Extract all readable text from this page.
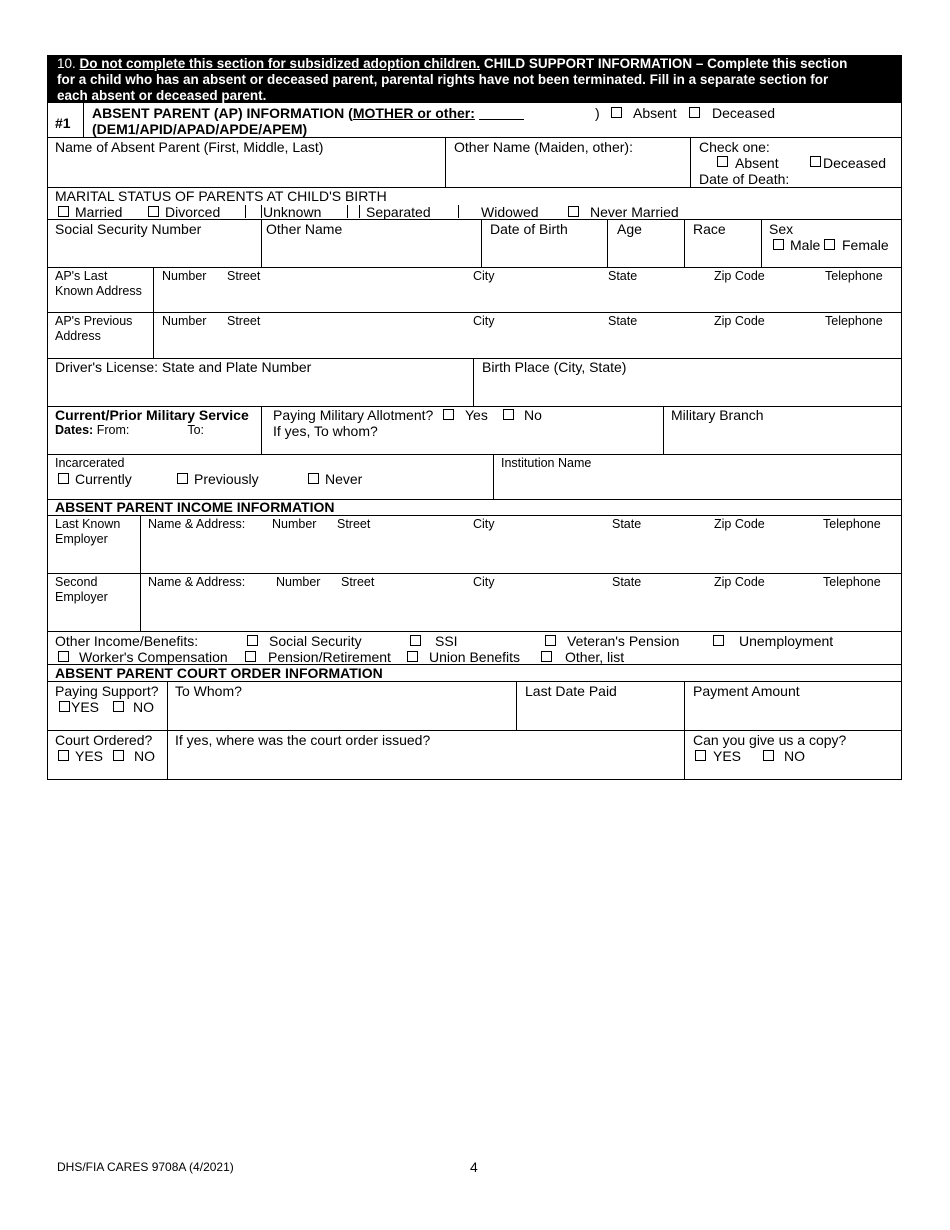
10. Do not complete this section for subsidized adoption children. CHILD SUPPORT INFORMATION – Complete this section
for a child who has an absent or deceased parent, parental rights have not been terminated. Fill in a separate section for
each absent or deceased parent.
#1
ABSENT PARENT (AP) INFORMATION (MOTHER or other:	) Absent	Deceased
(DEM1/APID/APAD/APDE/APEM)
Name of Absent Parent (First, Middle, Last)	Other Name (Maiden, other):	Check one:
Absent	Deceased
Date of Death:
MARITAL STATUS OF PARENTS AT CHILD'S BIRTH
Married	Divorced	Unknown	Separated	Widowed	Never Married
Social Security Number	Other Name	Date of Birth	Age	Race	Sex
Male Female
AP's Last
Known Address
Number Street	City	State	Zip Code	Telephone
AP's Previous
Address
Number Street	City	State	Zip Code	Telephone
Driver's License: State and Plate Number	Birth Place (City, State)
Current/Prior Military Service
Dates: From:	To:
Paying Military Allotment? Yes	No
If yes, To whom?
Military Branch
Incarcerated
Currently	Previously	Never
Institution Name
ABSENT PARENT INCOME INFORMATION
Last Known
Employer
Name & Address: Number Street	City	State	Zip Code	Telephone
Second
Employer
Name & Address: Number Street	City	State	Zip Code	Telephone
Other Income/Benefits:	Social Security	SSI	Veteran's Pension	Unemployment
Worker's Compensation	Pension/Retirement	Union Benefits	Other, list
ABSENT PARENT COURT ORDER INFORMATION
Paying Support?
YES NO
To Whom?	Last Date Paid	Payment Amount
Court Ordered?
YES NO
If yes, where was the court order issued?	Can you give us a copy?
YES	NO
DHS/FIA CARES 9708A (4/2021)	4
